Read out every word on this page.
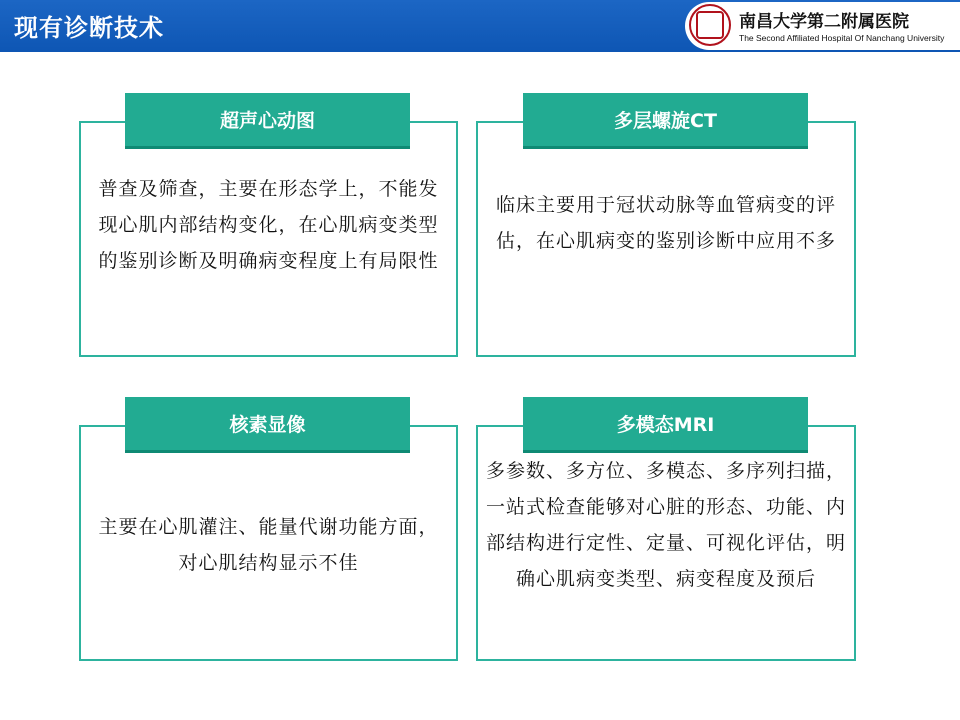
现有诊断技术	南昌大学第二附属医院
The Second Affiliated Hospital Of Nanchang University
普查及筛查，主要在形态学上，不能发现心肌内部结构变化，在心肌病变类型的鉴别诊断及明确病变程度上有局限性
超声心动图
临床主要用于冠状动脉等血管病变的评估，在心肌病变的鉴别诊断中应用不多
多层螺旋CT
主要在心肌灌注、能量代谢功能方面，对心肌结构显示不佳
核素显像
多参数、多方位、多模态、多序列扫描，一站式检查能够对心脏的形态、功能、内部结构进行定性、定量、可视化评估，明确心肌病变类型、病变程度及预后
多模态MRI
